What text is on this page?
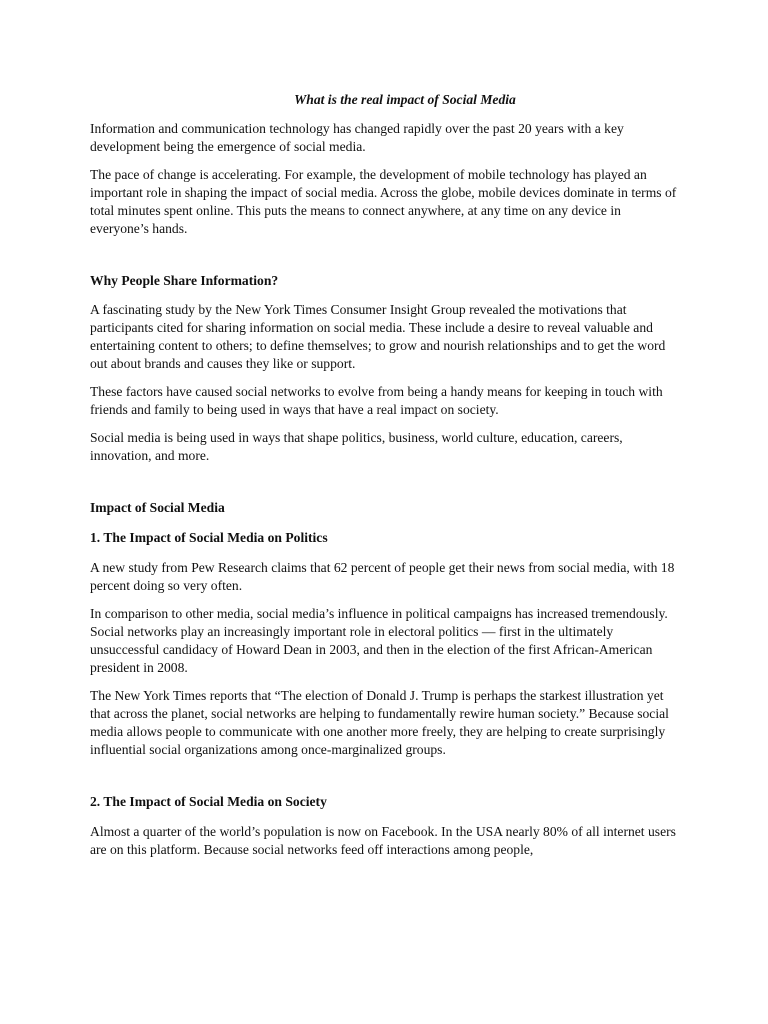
What is the real impact of Social Media

Information and communication technology has changed rapidly over the past 20 years with a key development being the emergence of social media.

The pace of change is accelerating. For example, the development of mobile technology has played an important role in shaping the impact of social media. Across the globe, mobile devices dominate in terms of total minutes spent online. This puts the means to connect anywhere, at any time on any device in everyone’s hands.

Why People Share Information?

A fascinating study by the New York Times Consumer Insight Group revealed the motivations that participants cited for sharing information on social media. These include a desire to reveal valuable and entertaining content to others; to define themselves; to grow and nourish relationships and to get the word out about brands and causes they like or support.

These factors have caused social networks to evolve from being a handy means for keeping in touch with friends and family to being used in ways that have a real impact on society.

Social media is being used in ways that shape politics, business, world culture, education, careers, innovation, and more.

Impact of Social Media
1. The Impact of Social Media on Politics

A new study from Pew Research claims that 62 percent of people get their news from social media, with 18 percent doing so very often.

In comparison to other media, social media’s influence in political campaigns has increased tremendously. Social networks play an increasingly important role in electoral politics — first in the ultimately unsuccessful candidacy of Howard Dean in 2003, and then in the election of the first African-American president in 2008.

The New York Times reports that “The election of Donald J. Trump is perhaps the starkest illustration yet that across the planet, social networks are helping to fundamentally rewire human society.” Because social media allows people to communicate with one another more freely, they are helping to create surprisingly influential social organizations among once-marginalized groups.

2. The Impact of Social Media on Society

Almost a quarter of the world’s population is now on Facebook. In the USA nearly 80% of all internet users are on this platform. Because social networks feed off interactions among people,
